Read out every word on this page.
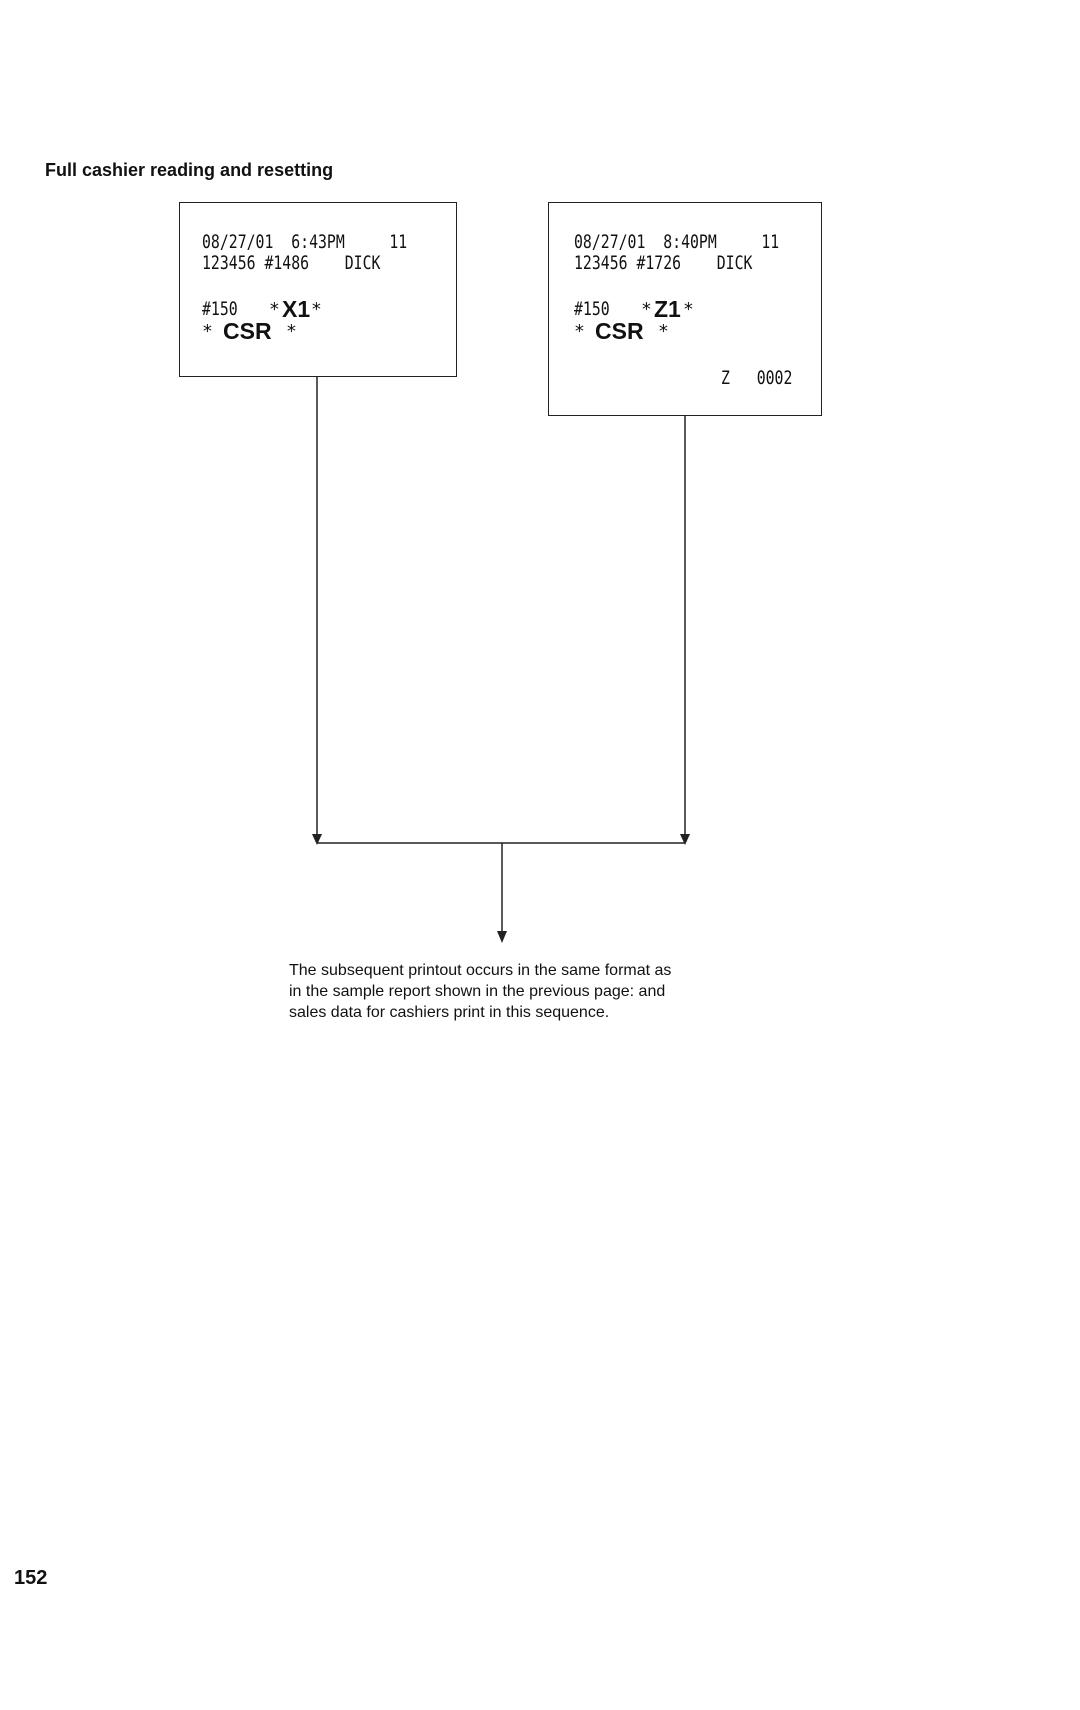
Full cashier reading and resetting
08/27/01  6:43PM     11
123456 #1486    DICK
#150 * X1 *
* CSR *
08/27/01  8:40PM     11
123456 #1726    DICK
#150 * Z1 *
* CSR *
Z   0002
The subsequent printout occurs in the same format as
in the sample report shown in the previous page: and
sales data for cashiers print in this sequence.
152
